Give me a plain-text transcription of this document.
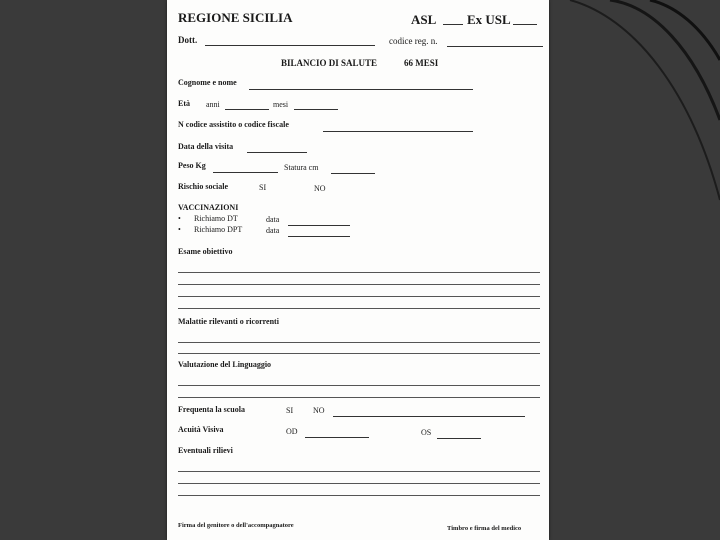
REGIONE SICILIA	ASL Ex USL
Dott.	codice reg. n.
BILANCIO DI SALUTE	66 MESI
Cognome e nome
Età anni	mesi
N codice assistito o codice fiscale
Data della visita
Peso Kg	Statura cm
Rischio sociale	SI	NO
VACCINAZIONI
• Richiamo DT	data
• Richiamo DPT	data
Esame obiettivo
Malattie rilevanti o ricorrenti
Valutazione del Linguaggio
Frequenta la scuola	SI NO
Acuità Visiva	OD	OS
Eventuali rilievi
Firma del genitore o dell'accompagnatore	Timbro e firma del medico
